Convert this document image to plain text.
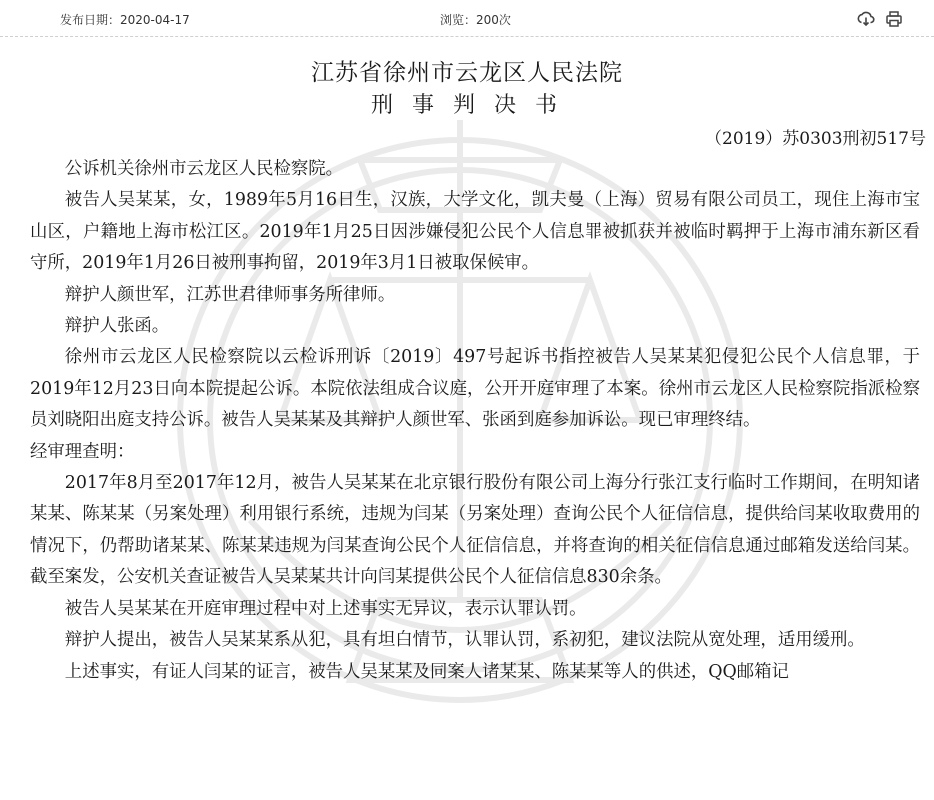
发布日期：2020-04-17	浏览：200次
江苏省徐州市云龙区人民法院
刑 事 判 决 书
（2019）苏0303刑初517号

公诉机关徐州市云龙区人民检察院。

被告人吴某某，女，1989年5月16日生，汉族，大学文化，凯夫曼（上海）贸易有限公司员工，现住上海市宝山区，户籍地上海市松江区。2019年1月25日因涉嫌侵犯公民个人信息罪被抓获并被临时羁押于上海市浦东新区看守所，2019年1月26日被刑事拘留，2019年3月1日被取保候审。

辩护人颜世军，江苏世君律师事务所律师。

辩护人张函。

徐州市云龙区人民检察院以云检诉刑诉〔2019〕497号起诉书指控被告人吴某某犯侵犯公民个人信息罪，于2019年12月23日向本院提起公诉。本院依法组成合议庭，公开开庭审理了本案。徐州市云龙区人民检察院指派检察员刘晓阳出庭支持公诉。被告人吴某某及其辩护人颜世军、张函到庭参加诉讼。现已审理终结。

经审理查明：

2017年8月至2017年12月，被告人吴某某在北京银行股份有限公司上海分行张江支行临时工作期间，在明知诸某某、陈某某（另案处理）利用银行系统，违规为闫某（另案处理）查询公民个人征信信息，提供给闫某收取费用的情况下，仍帮助诸某某、陈某某违规为闫某查询公民个人征信信息，并将查询的相关征信信息通过邮箱发送给闫某。截至案发，公安机关查证被告人吴某某共计向闫某提供公民个人征信信息830余条。

被告人吴某某在开庭审理过程中对上述事实无异议，表示认罪认罚。

辩护人提出，被告人吴某某系从犯，具有坦白情节，认罪认罚，系初犯，建议法院从宽处理，适用缓刑。

上述事实，有证人闫某的证言，被告人吴某某及同案人诸某某、陈某某等人的供述，QQ邮箱记
